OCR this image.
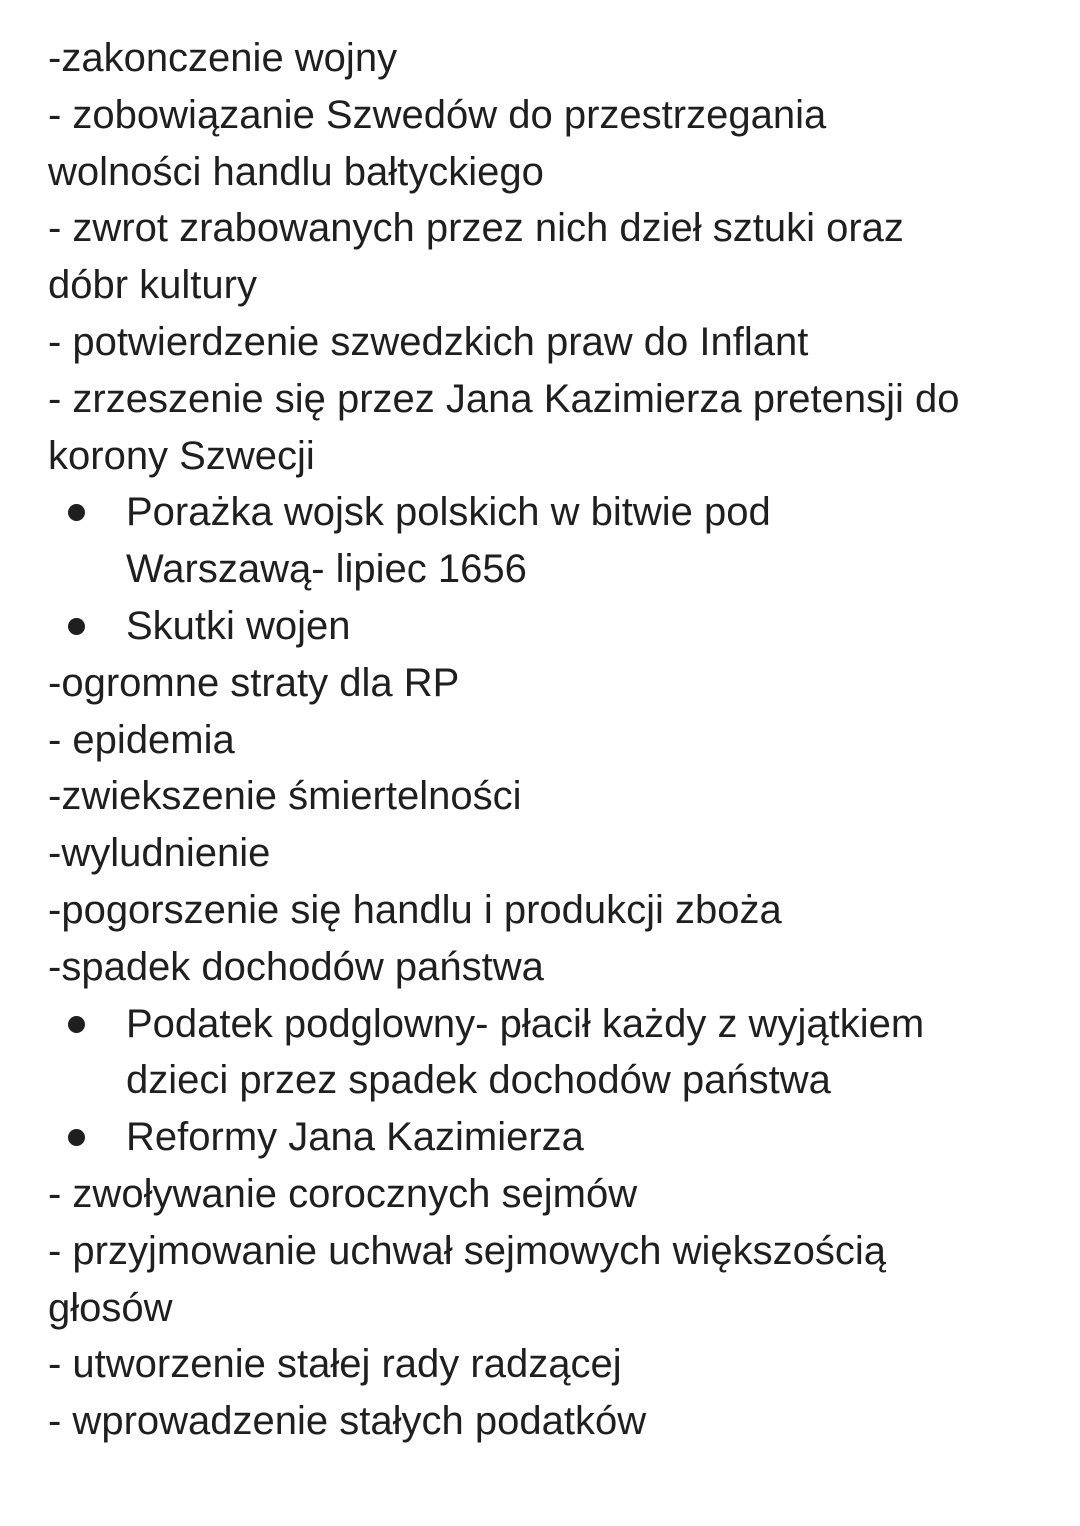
-zakonczenie wojny
- zobowiązanie Szwedów do przestrzegania
wolności handlu bałtyckiego
- zwrot zrabowanych przez nich dzieł sztuki oraz
dóbr kultury
- potwierdzenie szwedzkich praw do Inflant
- zrzeszenie się przez Jana Kazimierza pretensji do
korony Szwecji
Porażka wojsk polskich w bitwie pod
Warszawą- lipiec 1656
Skutki wojen
-ogromne straty dla RP
- epidemia
-zwiekszenie śmiertelności
-wyludnienie
-pogorszenie się handlu i produkcji zboża
-spadek dochodów państwa
Podatek podglowny- płacił każdy z wyjątkiem
dzieci przez spadek dochodów państwa
Reformy Jana Kazimierza
- zwoływanie corocznych sejmów
- przyjmowanie uchwał sejmowych większością
głosów
- utworzenie stałej rady radzącej
- wprowadzenie stałych podatków
